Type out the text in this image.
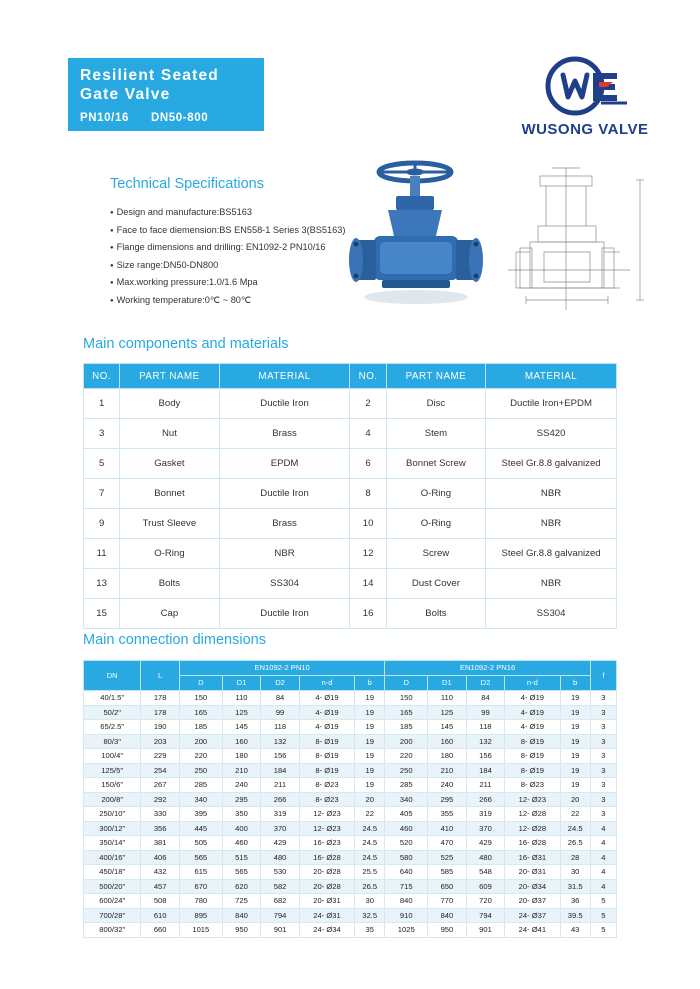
Resilient Seated
Gate Valve
PN10/16 DN50-800
WUSONG VALVE
Technical Specifications
● Design and manufacture:BS5163
● Face to face diemension:BS EN558-1 Series 3(BS5163)
● Flange dimensions and drilling: EN1092-2 PN10/16
● Size range:DN50-DN800
● Max.working pressure:1.0/1.6 Mpa
● Working temperature:0℃ ~ 80℃
Main components and materials
NO.	PART NAME	MATERIAL	NO.	PART NAME	MATERIAL
1	Body	Ductile Iron	2	Disc	Ductile Iron+EPDM
3	Nut	Brass	4	Stem	SS420
5	Gasket	EPDM	6	Bonnet Screw	Steel Gr.8.8 galvanized
7	Bonnet	Ductile Iron	8	O-Ring	NBR
9	Trust Sleeve	Brass	10	O-Ring	NBR
11	O-Ring	NBR	12	Screw	Steel Gr.8.8 galvanized
13	Bolts	SS304	14	Dust Cover	NBR
15	Cap	Ductile Iron	16	Bolts	SS304
Main connection dimensions
DN	L	EN1092-2 PN10					EN1092-2 PN16					f
		D	D1	D2	n-d	b	D	D1	D2	n-d	b	
40/1.5"	178	150	110	84	4- Ø19	19	150	110	84	4- Ø19	19	3
50/2"	178	165	125	99	4- Ø19	19	165	125	99	4- Ø19	19	3
65/2.5"	190	185	145	118	4- Ø19	19	185	145	118	4- Ø19	19	3
80/3"	203	200	160	132	8- Ø19	19	200	160	132	8- Ø19	19	3
100/4"	229	220	180	156	8- Ø19	19	220	180	156	8- Ø19	19	3
125/5"	254	250	210	184	8- Ø19	19	250	210	184	8- Ø19	19	3
150/6"	267	285	240	211	8- Ø23	19	285	240	211	8- Ø23	19	3
200/8"	292	340	295	266	8- Ø23	20	340	295	266	12- Ø23	20	3
250/10"	330	395	350	319	12- Ø23	22	405	355	319	12- Ø28	22	3
300/12"	356	445	400	370	12- Ø23	24.5	460	410	370	12- Ø28	24.5	4
350/14"	381	505	460	429	16- Ø23	24.5	520	470	429	16- Ø28	26.5	4
400/16"	406	565	515	480	16- Ø28	24.5	580	525	480	16- Ø31	28	4
450/18"	432	615	565	530	20- Ø28	25.5	640	585	548	20- Ø31	30	4
500/20"	457	670	620	582	20- Ø28	26.5	715	650	609	20- Ø34	31.5	4
600/24"	508	780	725	682	20- Ø31	30	840	770	720	20- Ø37	36	5
700/28"	610	895	840	794	24- Ø31	32.5	910	840	794	24- Ø37	39.5	5
800/32"	660	1015	950	901	24- Ø34	35	1025	950	901	24- Ø41	43	5
